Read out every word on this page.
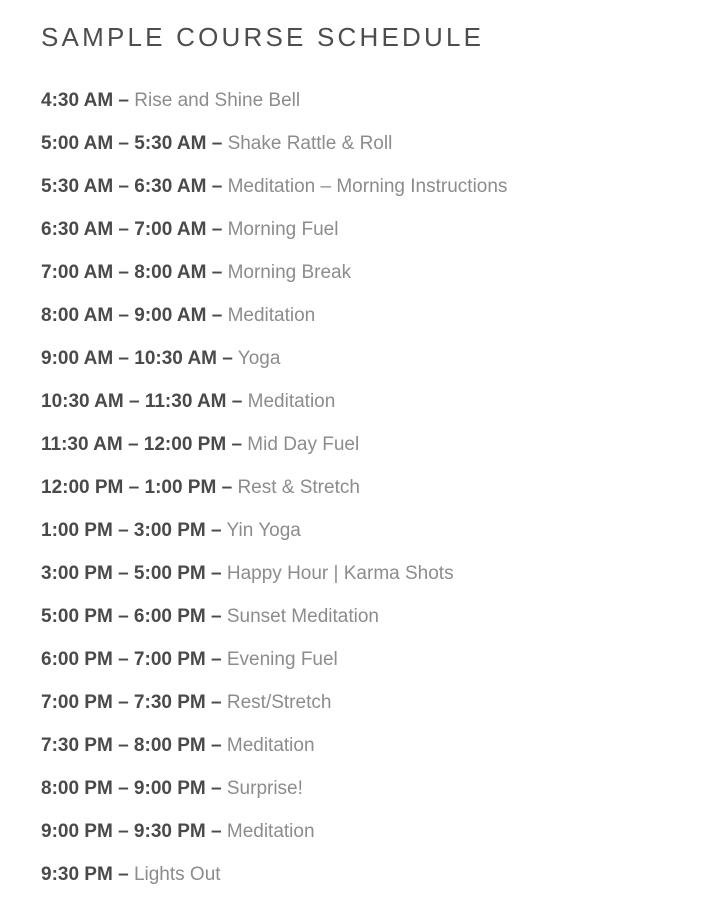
SAMPLE COURSE SCHEDULE
4:30 AM – Rise and Shine Bell
5:00 AM – 5:30 AM – Shake Rattle & Roll
5:30 AM – 6:30 AM – Meditation – Morning Instructions
6:30 AM – 7:00 AM – Morning Fuel
7:00 AM – 8:00 AM – Morning Break
8:00 AM – 9:00 AM – Meditation
9:00 AM – 10:30 AM – Yoga
10:30 AM – 11:30 AM – Meditation
11:30 AM – 12:00 PM – Mid Day Fuel
12:00 PM – 1:00 PM – Rest & Stretch
1:00 PM – 3:00 PM – Yin Yoga
3:00 PM – 5:00 PM – Happy Hour | Karma Shots
5:00 PM – 6:00 PM – Sunset Meditation
6:00 PM – 7:00 PM – Evening Fuel
7:00 PM – 7:30 PM – Rest/Stretch
7:30 PM – 8:00 PM – Meditation
8:00 PM – 9:00 PM – Surprise!
9:00 PM – 9:30 PM – Meditation
9:30 PM – Lights Out
